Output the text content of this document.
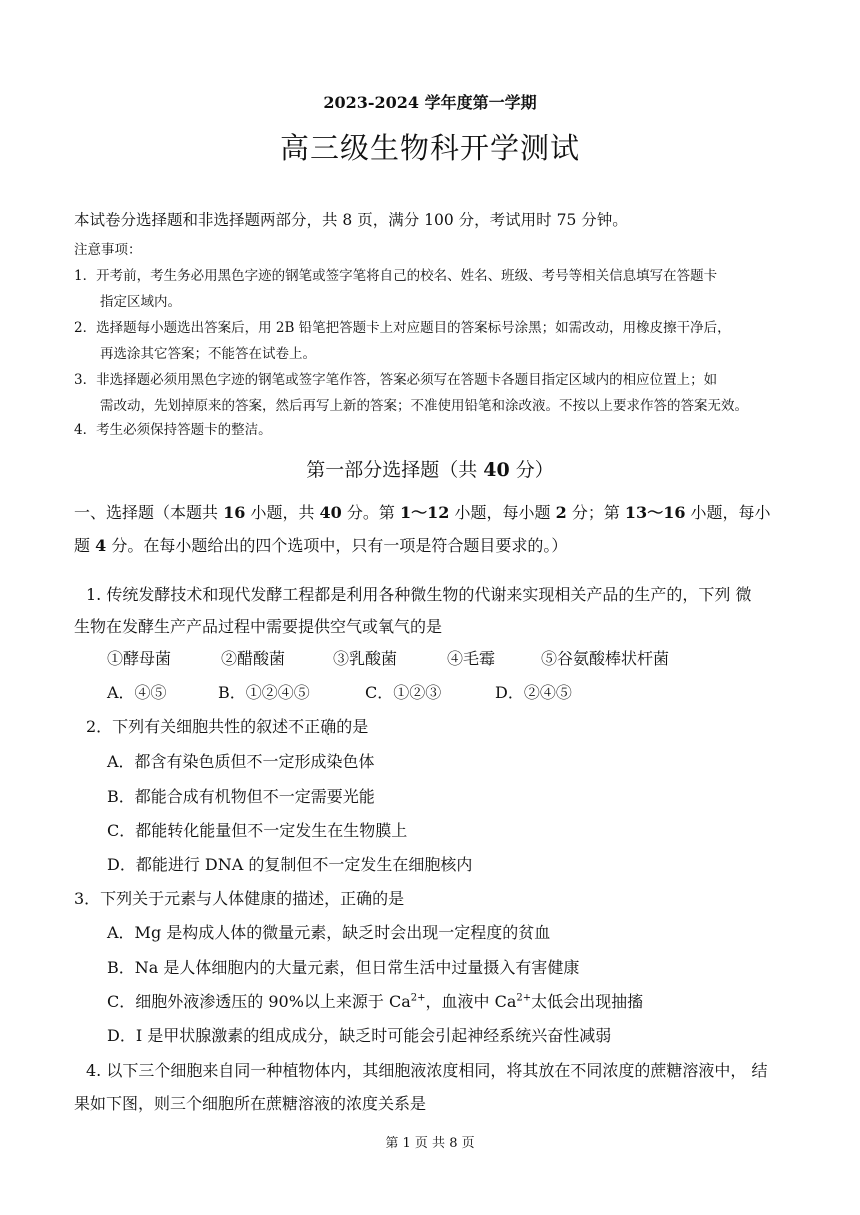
2023-2024 学年度第一学期
高三级生物科开学测试
本试卷分选择题和非选择题两部分，共 8 页，满分 100 分，考试用时 75 分钟。
注意事项：
1．开考前，考生务必用黑色字迹的钢笔或签字笔将自己的校名、姓名、班级、考号等相关信息填写在答题卡
指定区域内。
2．选择题每小题选出答案后，用 2B 铅笔把答题卡上对应题目的答案标号涂黑；如需改动，用橡皮擦干净后，
再选涂其它答案；不能答在试卷上。
3．非选择题必须用黑色字迹的钢笔或签字笔作答，答案必须写在答题卡各题目指定区域内的相应位置上；如
需改动，先划掉原来的答案，然后再写上新的答案；不准使用铅笔和涂改液。不按以上要求作答的答案无效。
4．考生必须保持答题卡的整洁。
第一部分选择题（共 40 分）
一、选择题（本题共 16 小题，共 40 分。第 1～12 小题，每小题 2 分；第 13～16 小题，每小
题 4 分。在每小题给出的四个选项中，只有一项是符合题目要求的。）
1. 传统发酵技术和现代发酵工程都是利用各种微生物的代谢来实现相关产品的生产的，下列 微
生物在发酵生产产品过程中需要提供空气或氧气的是
①酵母菌	②醋酸菌	③乳酸菌	④毛霉	⑤谷氨酸棒状杆菌
A．④⑤	B．①②④⑤	C．①②③	D．②④⑤
2．下列有关细胞共性的叙述不正确的是
A．都含有染色质但不一定形成染色体
B．都能合成有机物但不一定需要光能
C．都能转化能量但不一定发生在生物膜上
D．都能进行 DNA 的复制但不一定发生在细胞核内
3．下列关于元素与人体健康的描述，正确的是
A．Mg 是构成人体的微量元素，缺乏时会出现一定程度的贫血
B．Na 是人体细胞内的大量元素，但日常生活中过量摄入有害健康
C．细胞外液渗透压的 90%以上来源于 $Ca^{2+}$，血液中 $Ca^{2+}$太低会出现抽搐
D．I 是甲状腺激素的组成成分，缺乏时可能会引起神经系统兴奋性减弱
4. 以下三个细胞来自同一种植物体内，其细胞液浓度相同，将其放在不同浓度的蔗糖溶液中， 结
果如下图，则三个细胞所在蔗糖溶液的浓度关系是
第 1 页 共 8 页
